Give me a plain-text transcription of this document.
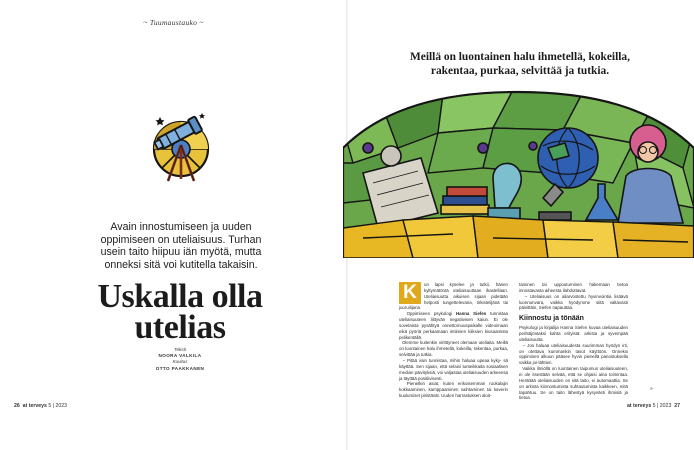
~ Tuumaustauko ~
Avain innostumiseen ja uuden oppimiseen on uteliaisuus. Turhan usein taito hiipuu iän myötä, mutta onneksi sitä voi kutitella takaisin.
Uskalla olla utelias
Teksti
NOORA VALKILA
Kuvitus
OTTO PAAKKANEN
26 at terveys 5 | 2023
Meillä on luontainen halu ihmetellä, kokeilla, rakentaa, purkaa, selvittää ja tutkia.

K	un lapsi kyselee ja tutkii, hänen kyltymätöntä uteliaisuuttaan ihastellaan. Uteliaisuutta aikuisen sijaan pidetään helposti tungettelevana, tirkistelijänä tai juoruilijana.

Oppimiseen psykologi Hanna Siefen tunnistaa uteliaisuuteen liittyvän negatiivisen kaiun. Ei ole sovelaista pysähtyä onnettomuuspaikalle videoimaan eikä pyöriä perkaamaan intiimien kiiksien kiusaamista pelikentällä.

Olemme kuitenkin viritttyneet olemaan uteliaita. Meillä on luontainen halu ihmetellä, kokeilla, rakentaa, purkaa, selvittää ja tutkia.

– Pitää vain tunnistaa, mihin haluaa upeaa kyky- sä käyttää. Sen sijaan, että selaisi tunteikkaita sosiaalisen median päivityksiä, voi valjastaa uteliaisuuden arkeensa ja täyttää positiivisesti.

Pienetkin asiat, kuten erikoisemman ruokalajin kokkaaminen, kamppaaminen vaihtaminen tai kaverin kuulumiset piristävät. Uuden harrastuksen aloit-

taminen tai uppoutuminen hakemaan tietoa innostavasta aiheesta ilahduttavat.

– Uteliaisuus on aliarvostettu hyvinvointia lisäävä luonnonvara, vaikka hyödymme siitä valtavasti päivittäin, Siefen napauttaa.

Kiinnostu ja tönään

Psykologi ja kirjailija Hanna Siefen kuvaa uteliaisuuden perittäjöntaksi kahta erityistä: arkista ja syvempää uteliaisuutta.

– Jos haluaa uteliaisuudesta suurimman hyödyn irti, on otettava kummankin tasot käyttöön. Onneksi oppimisen alkuun pääsee hyvin pienellä panostuksella vaikka joi-lähtien.

Vaikka ilmiöllä on luontainen taipumus uteliaisuuteen, ei ole itsestään selvää, että se ohjaisi aina toimintaa. Herättää uteliaisuuden on sitä taito, ei automaattia. Se on arkista kiinnostumista suhtautumista kaikkeen, mitä tapahtuu. Se on taito lähestyä kysyvästi ihmisiä ja tietoa.

»
at terveys 5 | 2023 27
